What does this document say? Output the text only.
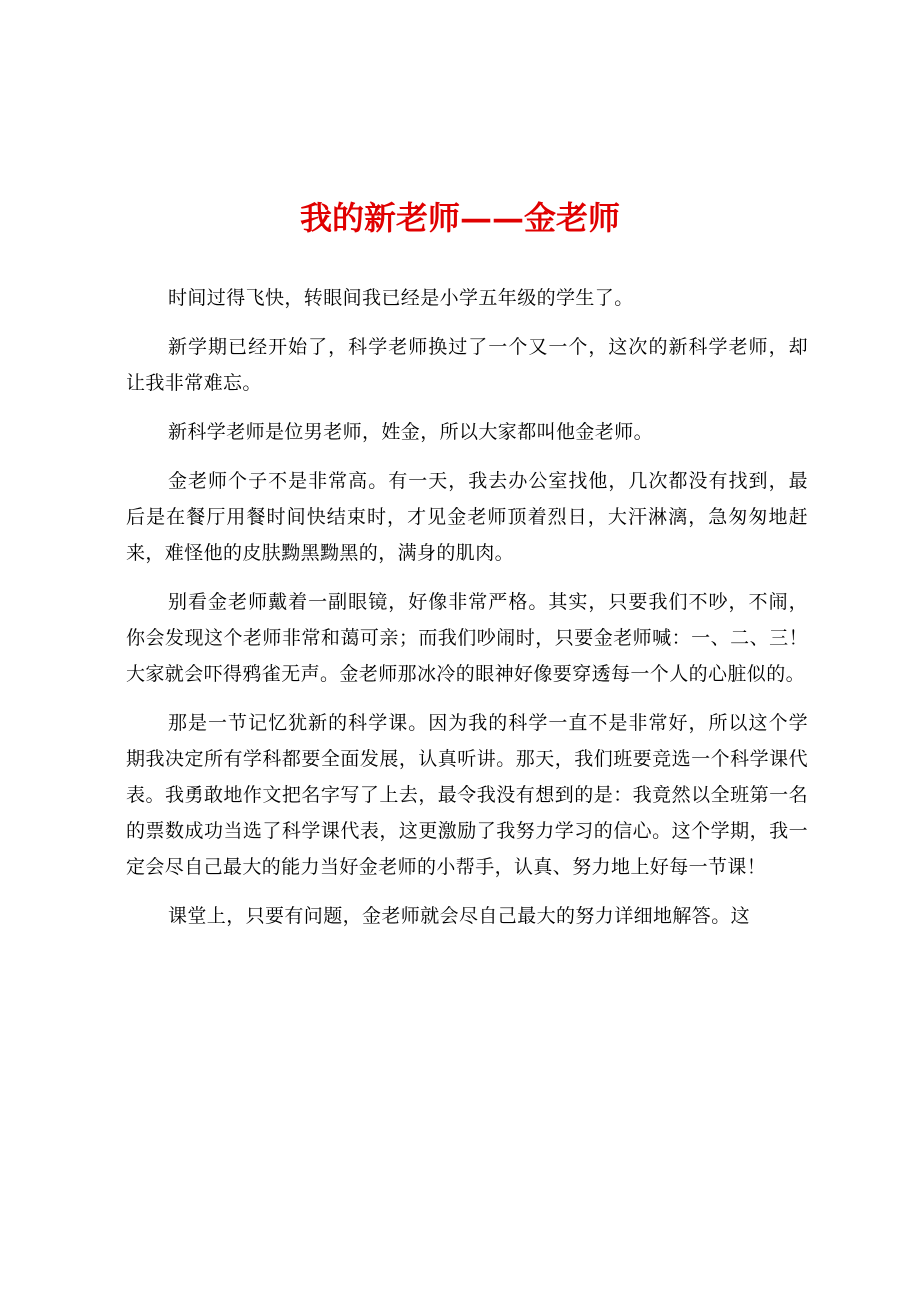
我的新老师——金老师

时间过得飞快，转眼间我已经是小学五年级的学生了。

新学期已经开始了，科学老师换过了一个又一个，这次的新科学老师，却让我非常难忘。

新科学老师是位男老师，姓金，所以大家都叫他金老师。

金老师个子不是非常高。有一天，我去办公室找他，几次都没有找到，最后是在餐厅用餐时间快结束时，才见金老师顶着烈日，大汗淋漓，急匆匆地赶来，难怪他的皮肤黝黑黝黑的，满身的肌肉。

别看金老师戴着一副眼镜，好像非常严格。其实，只要我们不吵，不闹，你会发现这个老师非常和蔼可亲；而我们吵闹时，只要金老师喊：一、二、三！大家就会吓得鸦雀无声。金老师那冰冷的眼神好像要穿透每一个人的心脏似的。

那是一节记忆犹新的科学课。因为我的科学一直不是非常好，所以这个学期我决定所有学科都要全面发展，认真听讲。那天，我们班要竞选一个科学课代表。我勇敢地作文把名字写了上去，最令我没有想到的是：我竟然以全班第一名的票数成功当选了科学课代表，这更激励了我努力学习的信心。这个学期，我一定会尽自己最大的能力当好金老师的小帮手，认真、努力地上好每一节课！

课堂上，只要有问题，金老师就会尽自己最大的努力详细地解答。这
